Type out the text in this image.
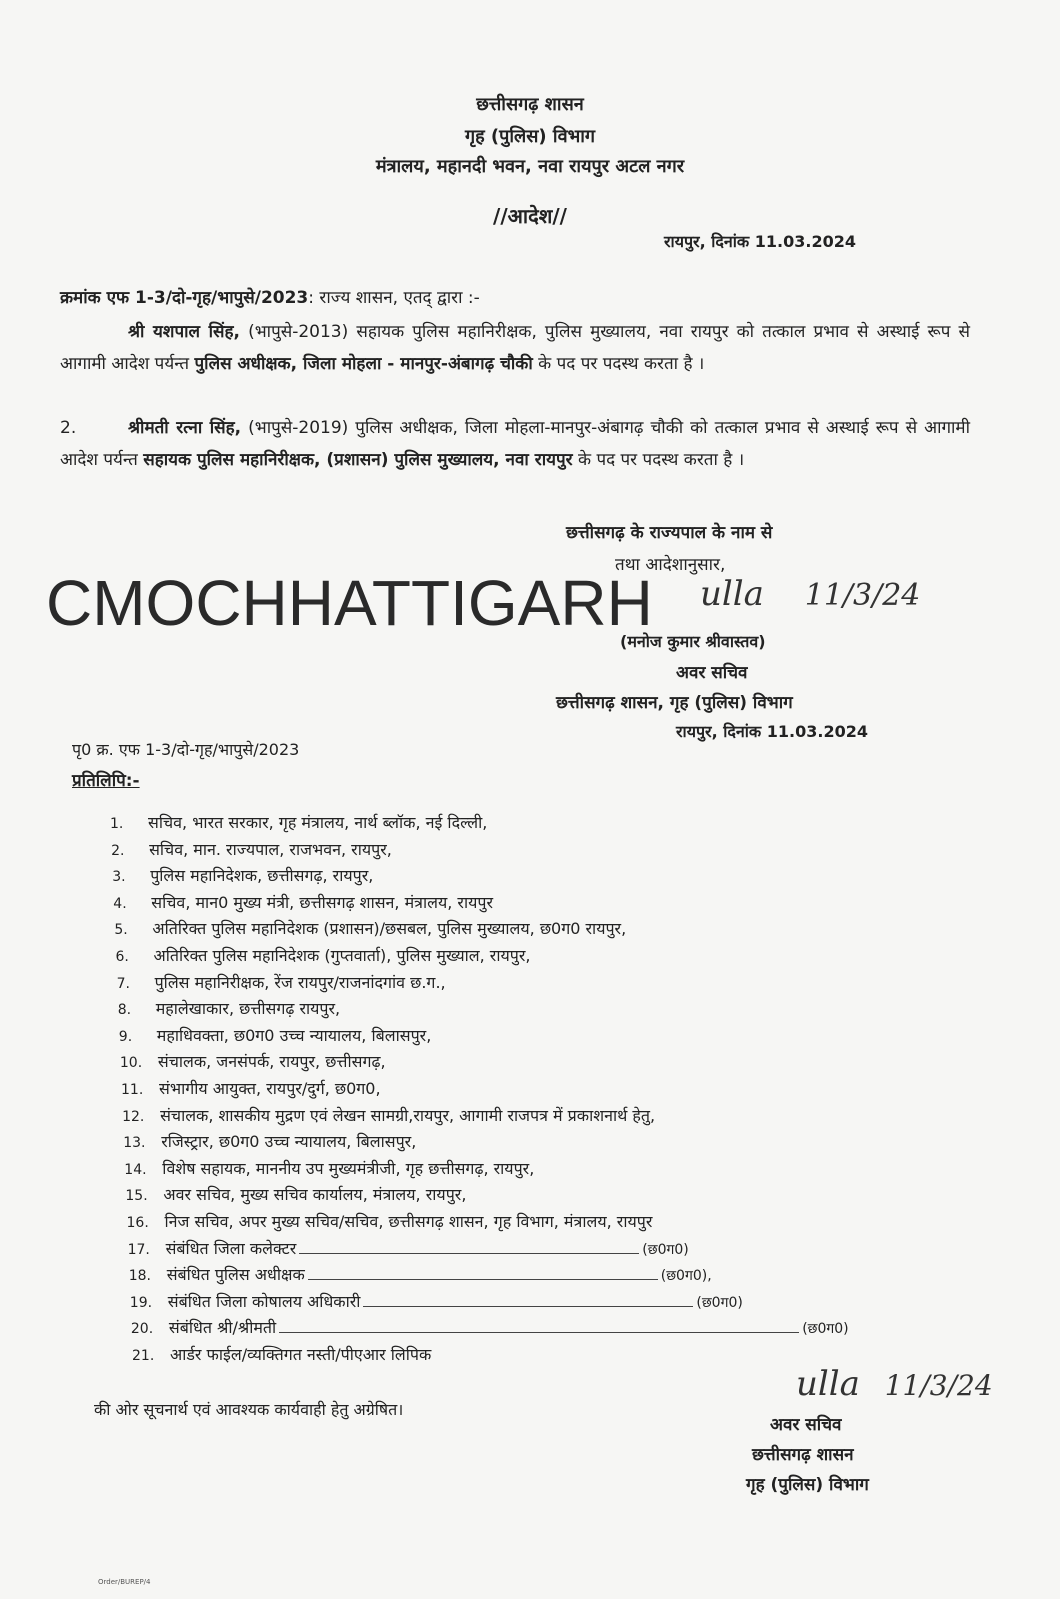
छत्तीसगढ़ शासन
गृह (पुलिस) विभाग
मंत्रालय, महानदी भवन, नवा रायपुर अटल नगर
//आदेश//
रायपुर, दिनांक 11.03.2024
क्रमांक एफ 1-3/दो-गृह/भापुसे/2023: राज्य शासन, एतद् द्वारा :-
श्री यशपाल सिंह, (भापुसे-2013) सहायक पुलिस महानिरीक्षक, पुलिस मुख्यालय, नवा रायपुर को तत्काल प्रभाव से अस्थाई रूप से आगामी आदेश पर्यन्त पुलिस अधीक्षक, जिला मोहला - मानपुर-अंबागढ़ चौकी के पद पर पदस्थ करता है ।
2.	श्रीमती रत्ना सिंह, (भापुसे-2019) पुलिस अधीक्षक, जिला मोहला-मानपुर-अंबागढ़ चौकी को तत्काल प्रभाव से अस्थाई रूप से आगामी आदेश पर्यन्त सहायक पुलिस महानिरीक्षक, (प्रशासन) पुलिस मुख्यालय, नवा रायपुर के पद पर पदस्थ करता है ।
छत्तीसगढ़ के राज्यपाल के नाम से
तथा आदेशानुसार,
CMOCHHATTIGARH ulla 11/3/24
(मनोज कुमार श्रीवास्तव)
अवर सचिव
छत्तीसगढ़ शासन, गृह (पुलिस) विभाग
रायपुर, दिनांक 11.03.2024
पृ0 क्र. एफ 1-3/दो-गृह/भापुसे/2023
प्रतिलिपि:-
1. सचिव, भारत सरकार, गृह मंत्रालय, नार्थ ब्लॉक, नई दिल्ली,
2. सचिव, मान. राज्यपाल, राजभवन, रायपुर,
3. पुलिस महानिदेशक, छत्तीसगढ़, रायपुर,
4. सचिव, मान0 मुख्य मंत्री, छत्तीसगढ़ शासन, मंत्रालय, रायपुर
5. अतिरिक्त पुलिस महानिदेशक (प्रशासन)/छसबल, पुलिस मुख्यालय, छ0ग0 रायपुर,
6. अतिरिक्त पुलिस महानिदेशक (गुप्तवार्ता), पुलिस मुख्याल, रायपुर,
7. पुलिस महानिरीक्षक, रेंज रायपुर/राजनांदगांव छ.ग.,
8. महालेखाकार, छत्तीसगढ़ रायपुर,
9. महाधिवक्ता, छ0ग0 उच्च न्यायालय, बिलासपुर,
10. संचालक, जनसंपर्क, रायपुर, छत्तीसगढ़,
11. संभागीय आयुक्त, रायपुर/दुर्ग, छ0ग0,
12. संचालक, शासकीय मुद्रण एवं लेखन सामग्री,रायपुर, आगामी राजपत्र में प्रकाशनार्थ हेतु,
13. रजिस्ट्रार, छ0ग0 उच्च न्यायालय, बिलासपुर,
14. विशेष सहायक, माननीय उप मुख्यमंत्रीजी, गृह छत्तीसगढ़, रायपुर,
15. अवर सचिव, मुख्य सचिव कार्यालय, मंत्रालय, रायपुर,
16. निज सचिव, अपर मुख्य सचिव/सचिव, छत्तीसगढ़ शासन, गृह विभाग, मंत्रालय, रायपुर
17. संबंधित जिला कलेक्टर	(छ0ग0)
18. संबंधित पुलिस अधीक्षक	(छ0ग0),
19. संबंधित जिला कोषालय अधिकारी	(छ0ग0)
20. संबंधित श्री/श्रीमती	(छ0ग0)
21. आर्डर फाईल/व्यक्तिगत नस्ती/पीएआर लिपिक
की ओर सूचनार्थ एवं आवश्यक कार्यवाही हेतु अग्रेषित।
ulla 11/3/24
अवर सचिव
छत्तीसगढ़ शासन
गृह (पुलिस) विभाग
Order/BUREP/4
